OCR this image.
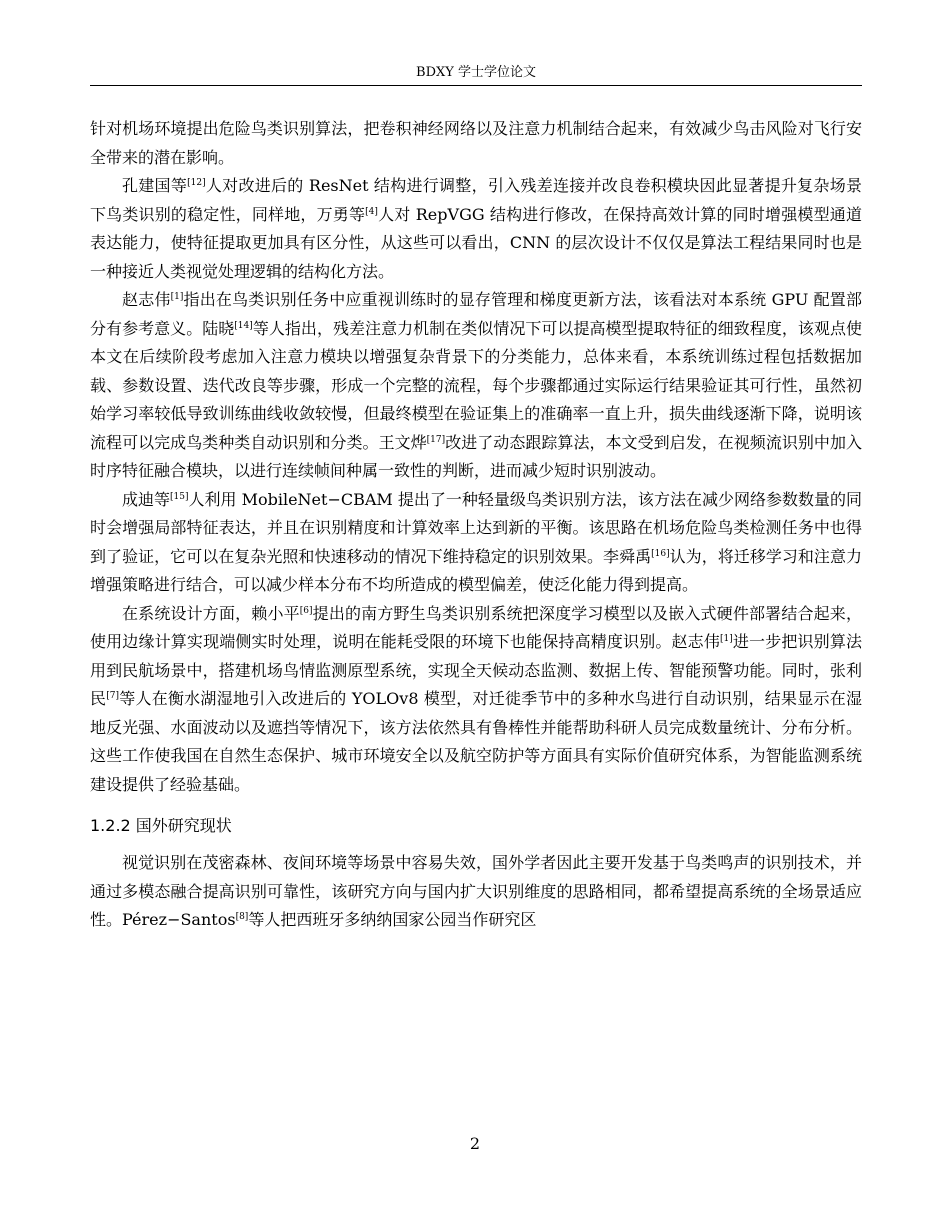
BDXY 学士学位论文

针对机场环境提出危险鸟类识别算法，把卷积神经网络以及注意力机制结合起来，有效减少鸟击风险对飞行安全带来的潜在影响。

孔建国等[12]人对改进后的 ResNet 结构进行调整，引入残差连接并改良卷积模块因此显著提升复杂场景下鸟类识别的稳定性，同样地，万勇等[4]人对 RepVGG 结构进行修改，在保持高效计算的同时增强模型通道表达能力，使特征提取更加具有区分性，从这些可以看出，CNN 的层次设计不仅仅是算法工程结果同时也是一种接近人类视觉处理逻辑的结构化方法。

赵志伟[1]指出在鸟类识别任务中应重视训练时的显存管理和梯度更新方法，该看法对本系统 GPU 配置部分有参考意义。陆晓[14]等人指出，残差注意力机制在类似情况下可以提高模型提取特征的细致程度，该观点使本文在后续阶段考虑加入注意力模块以增强复杂背景下的分类能力，总体来看，本系统训练过程包括数据加载、参数设置、迭代改良等步骤，形成一个完整的流程，每个步骤都通过实际运行结果验证其可行性，虽然初始学习率较低导致训练曲线收敛较慢，但最终模型在验证集上的准确率一直上升，损失曲线逐渐下降，说明该流程可以完成鸟类种类自动识别和分类。王文烨[17]改进了动态跟踪算法，本文受到启发，在视频流识别中加入时序特征融合模块，以进行连续帧间种属一致性的判断，进而减少短时识别波动。

成迪等[15]人利用 MobileNet−CBAM 提出了一种轻量级鸟类识别方法，该方法在减少网络参数数量的同时会增强局部特征表达，并且在识别精度和计算效率上达到新的平衡。该思路在机场危险鸟类检测任务中也得到了验证，它可以在复杂光照和快速移动的情况下维持稳定的识别效果。李舜禹[16]认为，将迁移学习和注意力增强策略进行结合，可以减少样本分布不均所造成的模型偏差，使泛化能力得到提高。

在系统设计方面，赖小平[6]提出的南方野生鸟类识别系统把深度学习模型以及嵌入式硬件部署结合起来，使用边缘计算实现端侧实时处理，说明在能耗受限的环境下也能保持高精度识别。赵志伟[1]进一步把识别算法用到民航场景中，搭建机场鸟情监测原型系统，实现全天候动态监测、数据上传、智能预警功能。同时，张利民[7]等人在衡水湖湿地引入改进后的 YOLOv8 模型，对迁徙季节中的多种水鸟进行自动识别，结果显示在湿地反光强、水面波动以及遮挡等情况下，该方法依然具有鲁棒性并能帮助科研人员完成数量统计、分布分析。这些工作使我国在自然生态保护、城市环境安全以及航空防护等方面具有实际价值研究体系，为智能监测系统建设提供了经验基础。

1.2.2 国外研究现状

视觉识别在茂密森林、夜间环境等场景中容易失效，国外学者因此主要开发基于鸟类鸣声的识别技术，并通过多模态融合提高识别可靠性，该研究方向与国内扩大识别维度的思路相同，都希望提高系统的全场景适应性。Pérez−Santos[8]等人把西班牙多纳纳国家公园当作研究区

2
